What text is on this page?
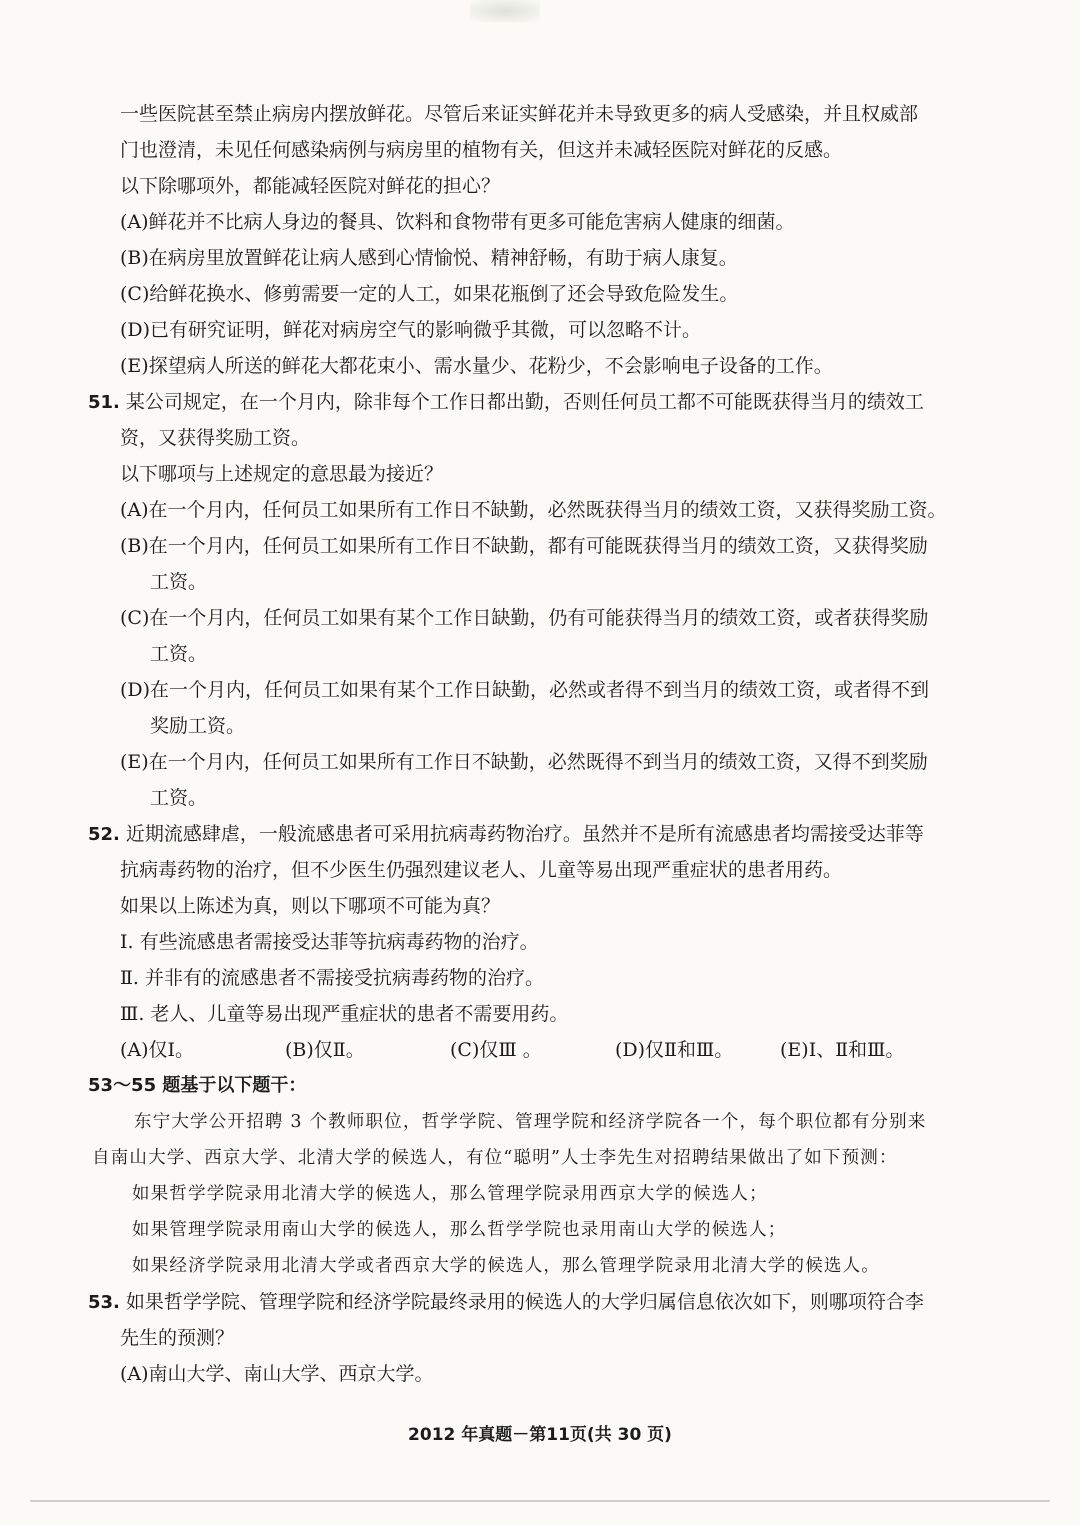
一些医院甚至禁止病房内摆放鲜花。尽管后来证实鲜花并未导致更多的病人受感染，并且权威部
门也澄清，未见任何感染病例与病房里的植物有关，但这并未减轻医院对鲜花的反感。
以下除哪项外，都能减轻医院对鲜花的担心？
(A)鲜花并不比病人身边的餐具、饮料和食物带有更多可能危害病人健康的细菌。
(B)在病房里放置鲜花让病人感到心情愉悦、精神舒畅，有助于病人康复。
(C)给鲜花换水、修剪需要一定的人工，如果花瓶倒了还会导致危险发生。
(D)已有研究证明，鲜花对病房空气的影响微乎其微，可以忽略不计。
(E)探望病人所送的鲜花大都花束小、需水量少、花粉少，不会影响电子设备的工作。
51. 某公司规定，在一个月内，除非每个工作日都出勤，否则任何员工都不可能既获得当月的绩效工
资，又获得奖励工资。
以下哪项与上述规定的意思最为接近？
(A)在一个月内，任何员工如果所有工作日不缺勤，必然既获得当月的绩效工资，又获得奖励工资。
(B)在一个月内，任何员工如果所有工作日不缺勤，都有可能既获得当月的绩效工资，又获得奖励
工资。
(C)在一个月内，任何员工如果有某个工作日缺勤，仍有可能获得当月的绩效工资，或者获得奖励
工资。
(D)在一个月内，任何员工如果有某个工作日缺勤，必然或者得不到当月的绩效工资，或者得不到
奖励工资。
(E)在一个月内，任何员工如果所有工作日不缺勤，必然既得不到当月的绩效工资，又得不到奖励
工资。
52. 近期流感肆虐，一般流感患者可采用抗病毒药物治疗。虽然并不是所有流感患者均需接受达菲等
抗病毒药物的治疗，但不少医生仍强烈建议老人、儿童等易出现严重症状的患者用药。
如果以上陈述为真，则以下哪项不可能为真？
Ⅰ. 有些流感患者需接受达菲等抗病毒药物的治疗。
Ⅱ. 并非有的流感患者不需接受抗病毒药物的治疗。
Ⅲ. 老人、儿童等易出现严重症状的患者不需要用药。
(A)仅Ⅰ。	(B)仅Ⅱ。	(C)仅Ⅲ 。	(D)仅Ⅱ和Ⅲ。	(E)Ⅰ、Ⅱ和Ⅲ。
53～55 题基于以下题干：
东宁大学公开招聘 3 个教师职位，哲学学院、管理学院和经济学院各一个，每个职位都有分别来
自南山大学、西京大学、北清大学的候选人，有位“聪明”人士李先生对招聘结果做出了如下预测：
如果哲学学院录用北清大学的候选人，那么管理学院录用西京大学的候选人；
如果管理学院录用南山大学的候选人，那么哲学学院也录用南山大学的候选人；
如果经济学院录用北清大学或者西京大学的候选人，那么管理学院录用北清大学的候选人。
53. 如果哲学学院、管理学院和经济学院最终录用的候选人的大学归属信息依次如下，则哪项符合李
先生的预测？
(A)南山大学、南山大学、西京大学。
2012 年真题－第11页(共 30 页)
